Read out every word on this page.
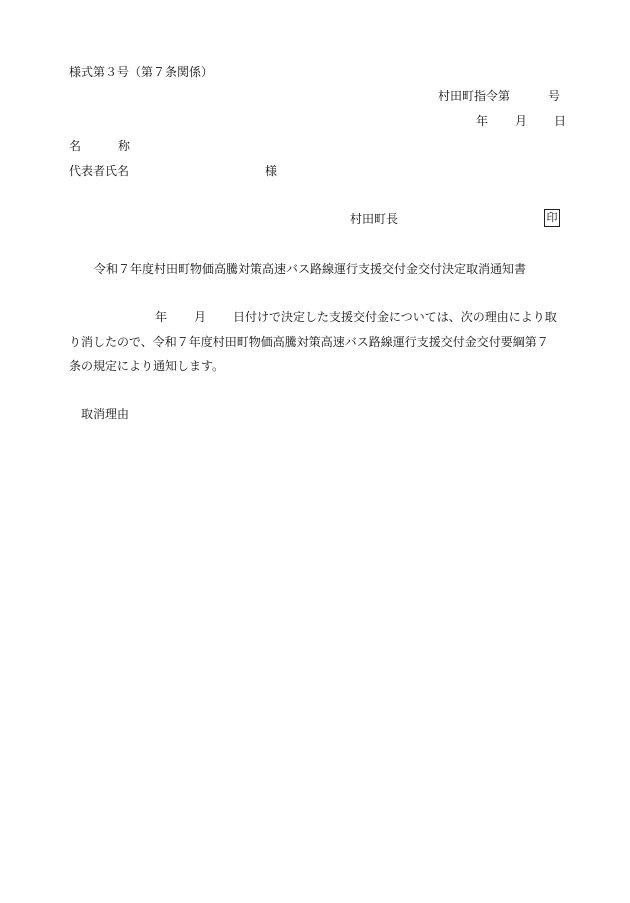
様式第３号（第７条関係）
村田町指令第	号
年 月 日
名	称
代表者氏名	様
村田町長	印
令和７年度村田町物価高騰対策高速バス路線運行支援交付金交付決定取消通知書
年 月 日付けで決定した支援交付金については、次の理由により取
り消したので、令和７年度村田町物価高騰対策高速バス路線運行支援交付金交付要綱第７
条の規定により通知します。
取消理由
